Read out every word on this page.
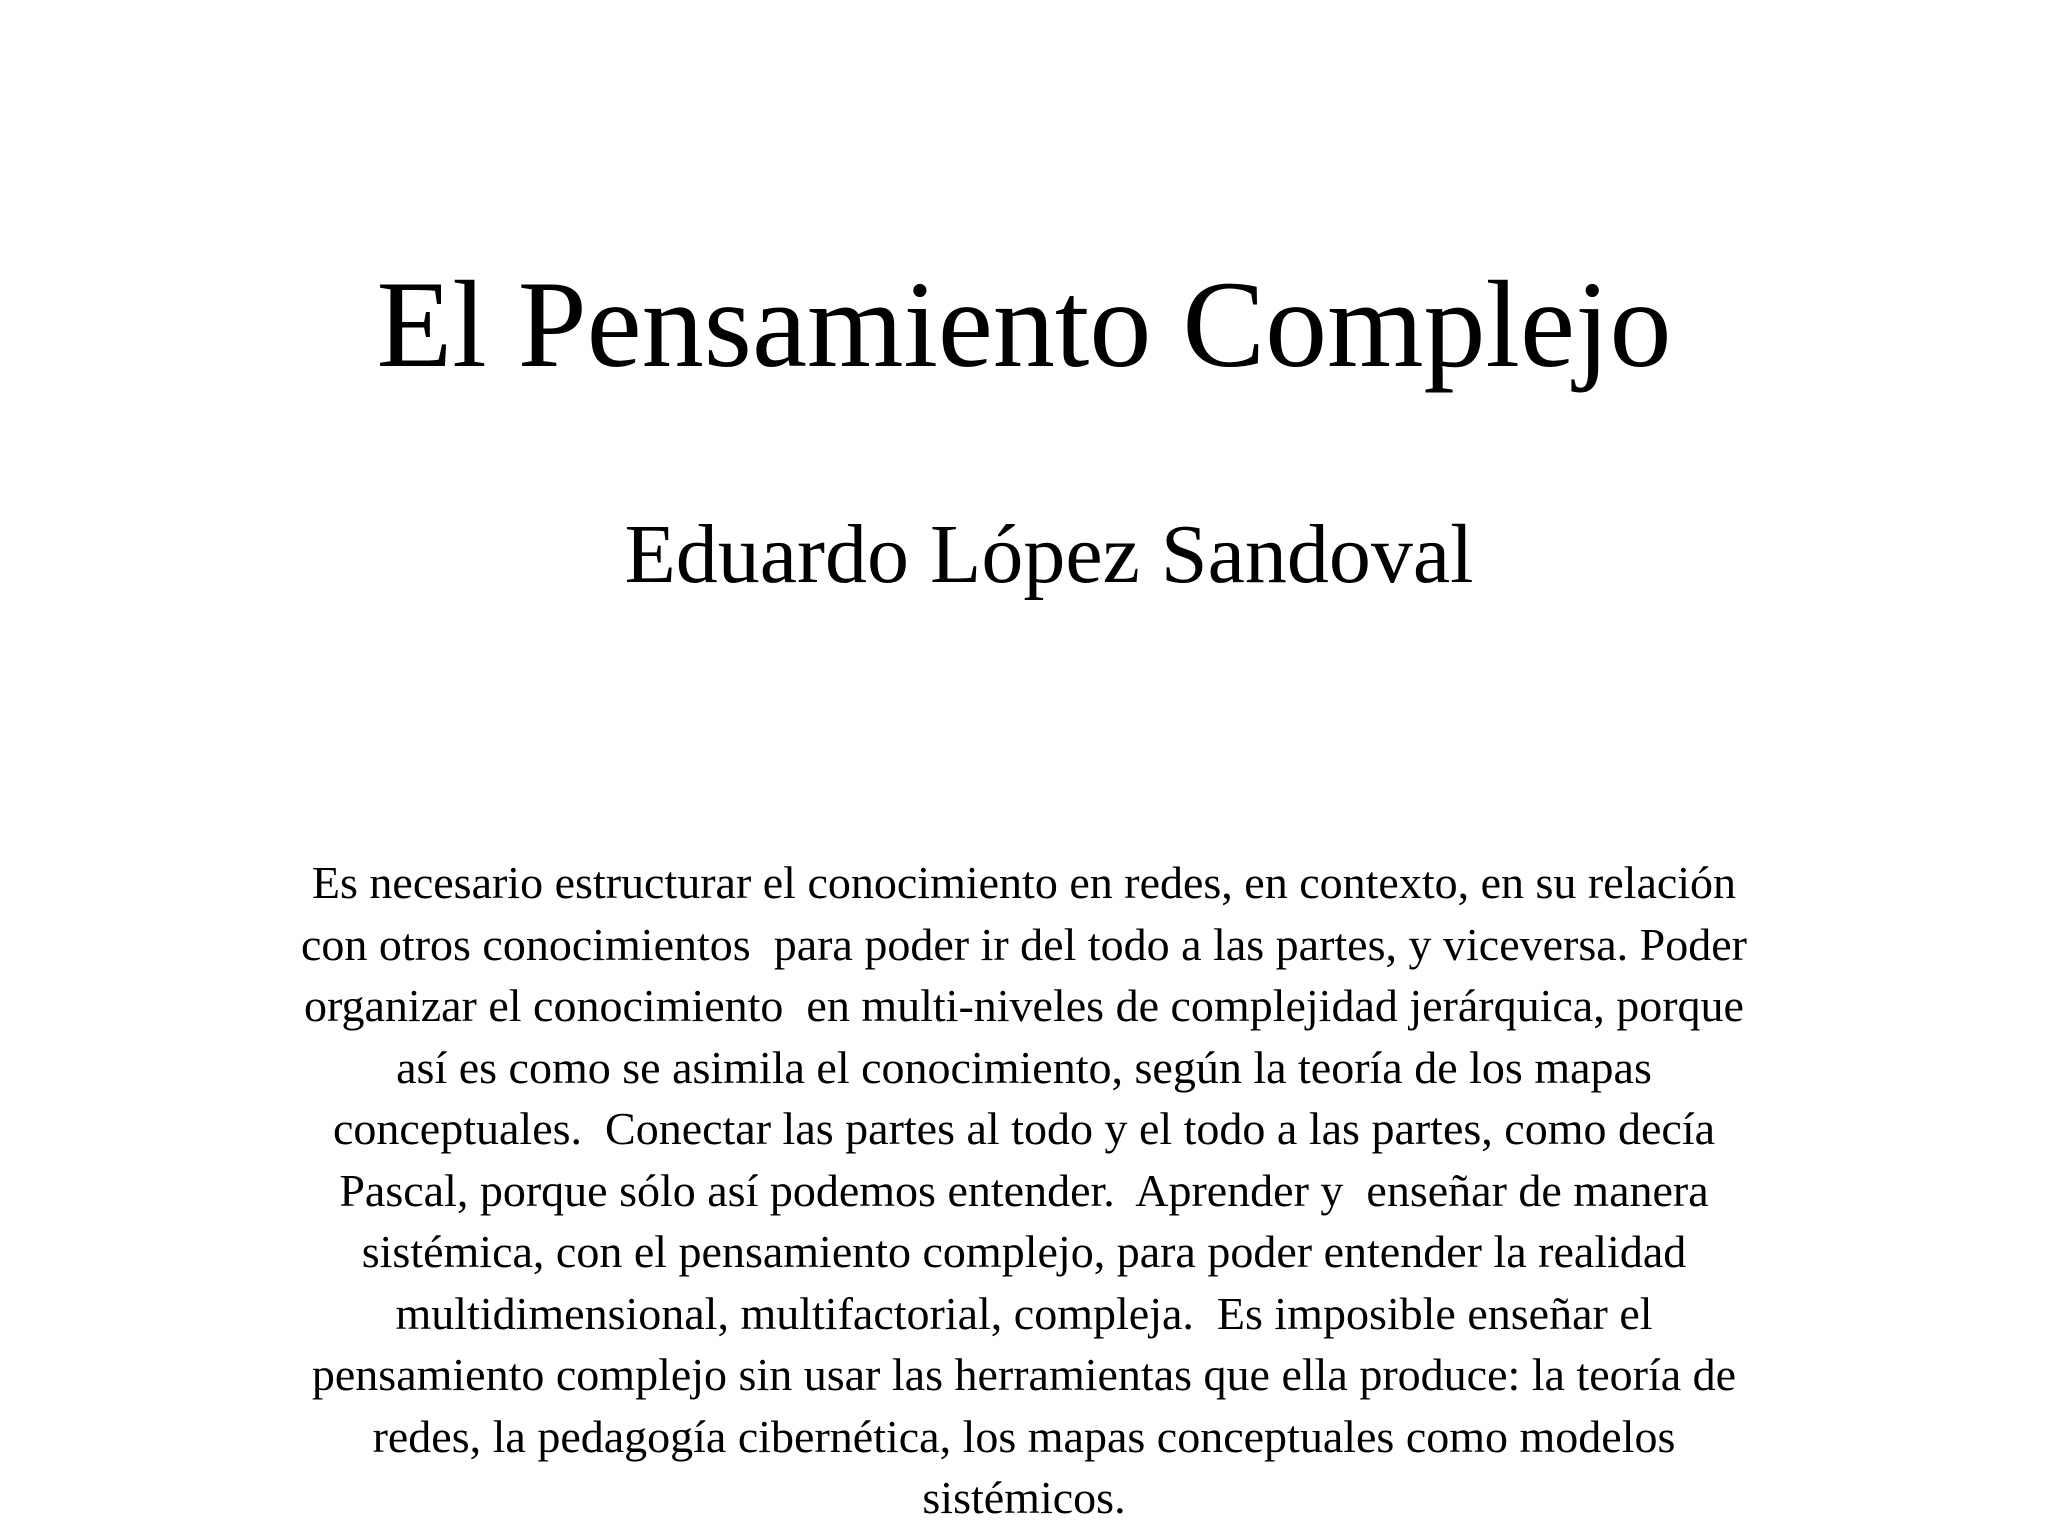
El Pensamiento Complejo
Eduardo López Sandoval

Es necesario estructurar el conocimiento en redes, en contexto, en su relación
con otros conocimientos  para poder ir del todo a las partes, y viceversa. Poder
organizar el conocimiento  en multi-niveles de complejidad jerárquica, porque
así es como se asimila el conocimiento, según la teoría de los mapas
conceptuales.  Conectar las partes al todo y el todo a las partes, como decía
Pascal, porque sólo así podemos entender.  Aprender y  enseñar de manera
sistémica, con el pensamiento complejo, para poder entender la realidad
multidimensional, multifactorial, compleja.  Es imposible enseñar el
pensamiento complejo sin usar las herramientas que ella produce: la teoría de
redes, la pedagogía cibernética, los mapas conceptuales como modelos
sistémicos.
